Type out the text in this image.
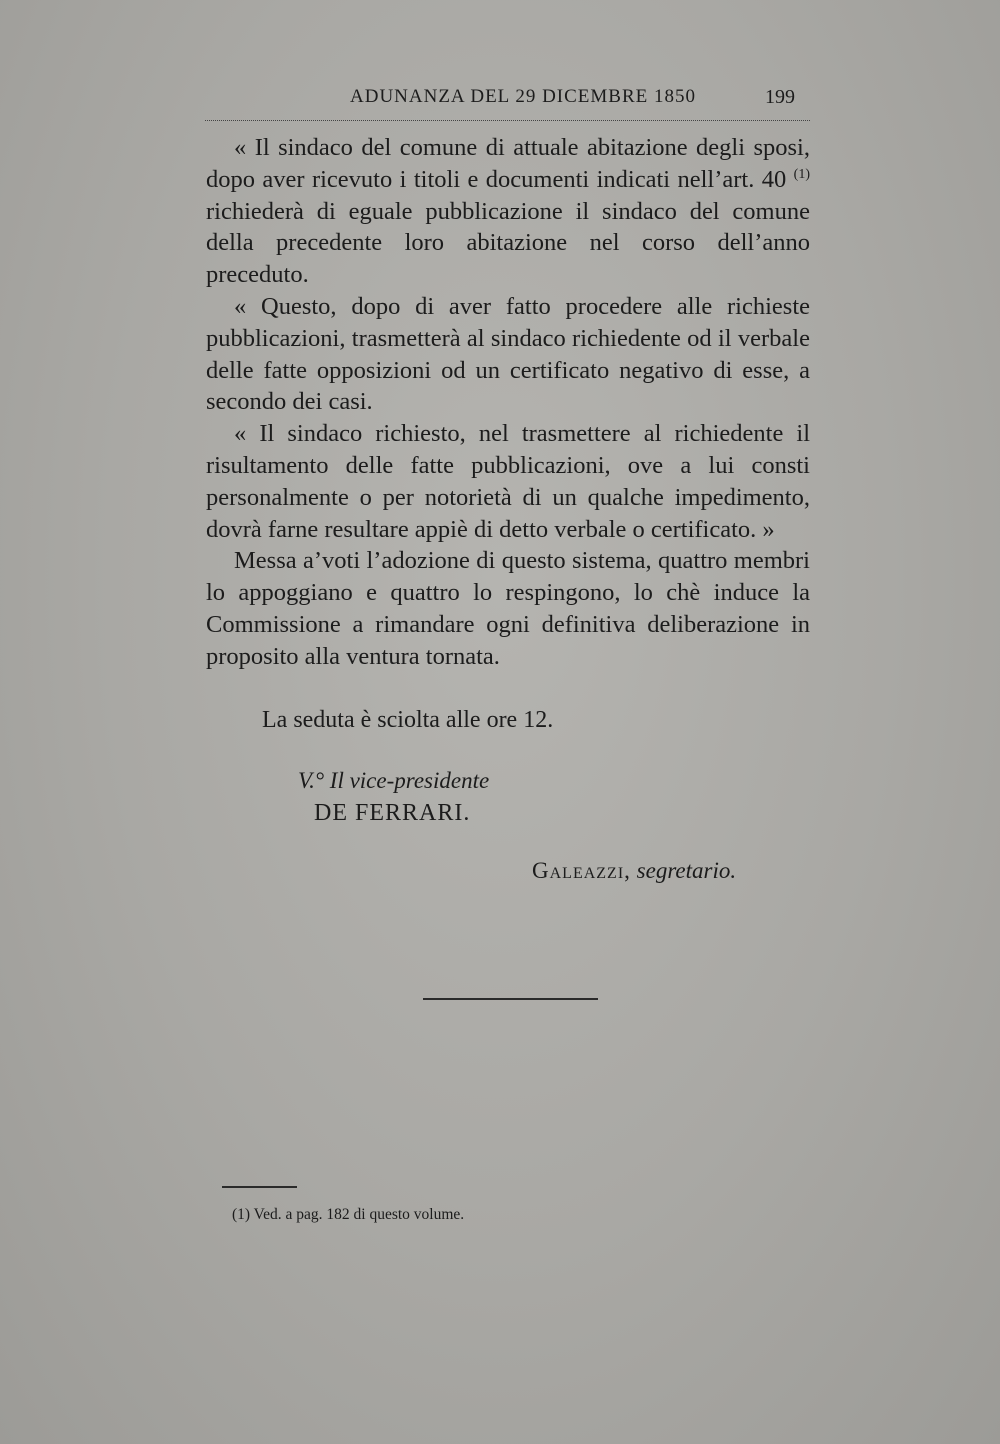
ADUNANZA DEL 29 DICEMBRE 1850	199

« Il sindaco del comune di attuale abitazione degli sposi, dopo aver ricevuto i titoli e documenti indicati nell’art. 40 $^{(1)}$ richiederà di eguale pubblicazione il sindaco del comune della precedente loro abitazione nel corso dell’anno preceduto.

« Questo, dopo di aver fatto procedere alle richieste pubblicazioni, trasmetterà al sindaco richiedente od il verbale delle fatte opposizioni od un certificato negativo di esse, a secondo dei casi.

« Il sindaco richiesto, nel trasmettere al richiedente il risultamento delle fatte pubblicazioni, ove a lui consti personalmente o per notorietà di un qualche impedimento, dovrà farne resultare appiè di detto verbale o certificato. »

Messa a’voti l’adozione di questo sistema, quattro membri lo appoggiano e quattro lo respingono, lo chè induce la Commissione a rimandare ogni definitiva deliberazione in proposito alla ventura tornata.

La seduta è sciolta alle ore 12.
V.° Il vice-presidente
DE FERRARI.
Galeazzi, segretario.
(1) Ved. a pag. 182 di questo volume.
